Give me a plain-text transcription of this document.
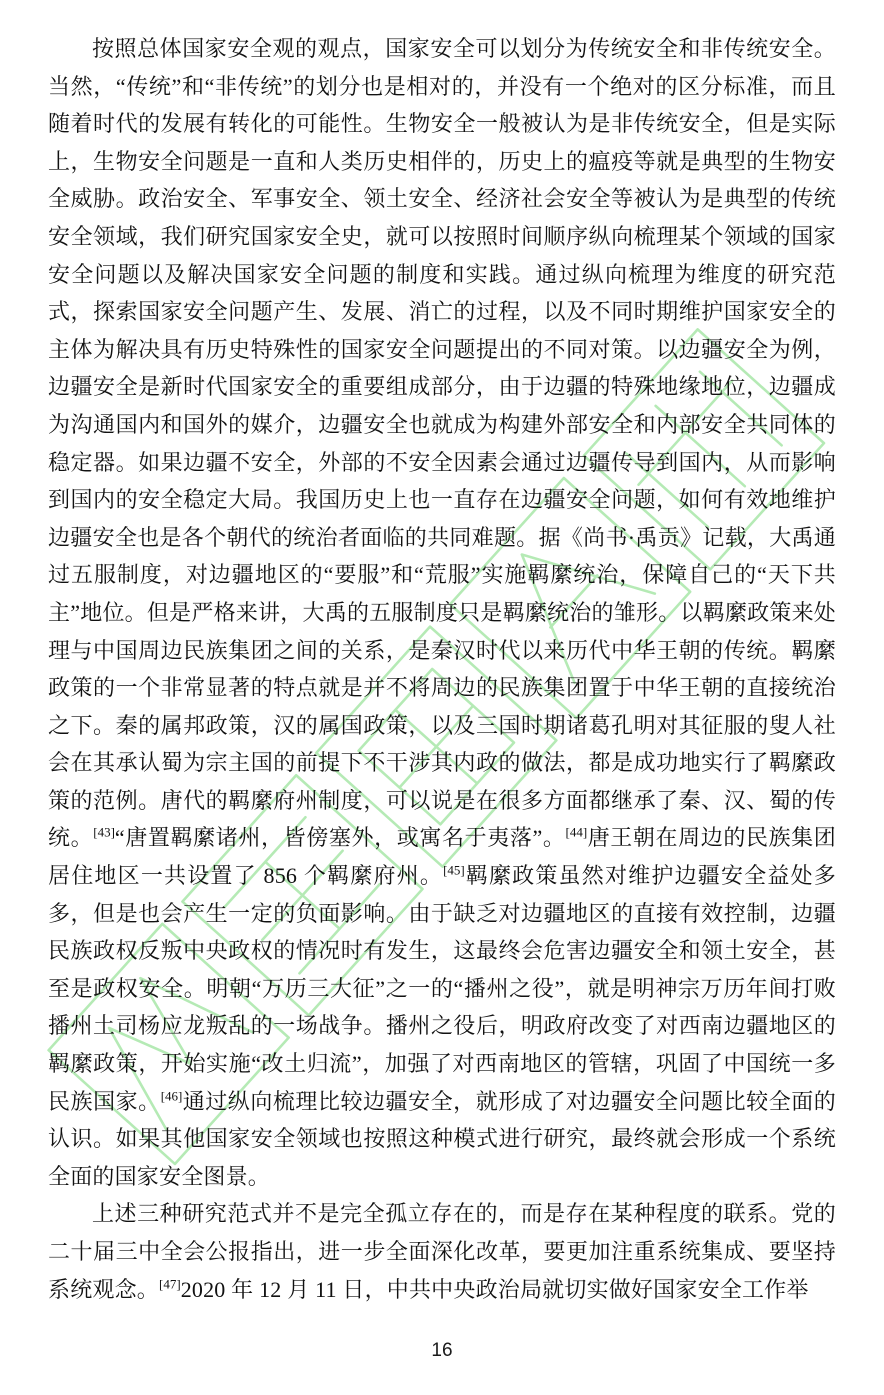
按照总体国家安全观的观点，国家安全可以划分为传统安全和非传统安全。当然，“传统”和“非传统”的划分也是相对的，并没有一个绝对的区分标准，而且随着时代的发展有转化的可能性。生物安全一般被认为是非传统安全，但是实际上，生物安全问题是一直和人类历史相伴的，历史上的瘟疫等就是典型的生物安全威胁。政治安全、军事安全、领土安全、经济社会安全等被认为是典型的传统安全领域，我们研究国家安全史，就可以按照时间顺序纵向梳理某个领域的国家安全问题以及解决国家安全问题的制度和实践。通过纵向梳理为维度的研究范式，探索国家安全问题产生、发展、消亡的过程，以及不同时期维护国家安全的主体为解决具有历史特殊性的国家安全问题提出的不同对策。以边疆安全为例，边疆安全是新时代国家安全的重要组成部分，由于边疆的特殊地缘地位，边疆成为沟通国内和国外的媒介，边疆安全也就成为构建外部安全和内部安全共同体的稳定器。如果边疆不安全，外部的不安全因素会通过边疆传导到国内，从而影响到国内的安全稳定大局。我国历史上也一直存在边疆安全问题，如何有效地维护边疆安全也是各个朝代的统治者面临的共同难题。据《尚书·禹贡》记载，大禹通过五服制度，对边疆地区的“要服”和“荒服”实施羁縻统治，保障自己的“天下共主”地位。但是严格来讲，大禹的五服制度只是羁縻统治的雏形。以羁縻政策来处理与中国周边民族集团之间的关系，是秦汉时代以来历代中华王朝的传统。羁縻政策的一个非常显著的特点就是并不将周边的民族集团置于中华王朝的直接统治之下。秦的属邦政策，汉的属国政策，以及三国时期诸葛孔明对其征服的叟人社会在其承认蜀为宗主国的前提下不干涉其内政的做法，都是成功地实行了羁縻政策的范例。唐代的羁縻府州制度，可以说是在很多方面都继承了秦、汉、蜀的传统。[43]“唐置羁縻诸州，皆傍塞外，或寓名于夷落”。[44]唐王朝在周边的民族集团居住地区一共设置了 856 个羁縻府州。[45]羁縻政策虽然对维护边疆安全益处多多，但是也会产生一定的负面影响。由于缺乏对边疆地区的直接有效控制，边疆民族政权反叛中央政权的情况时有发生，这最终会危害边疆安全和领土安全，甚至是政权安全。明朝“万历三大征”之一的“播州之役”，就是明神宗万历年间打败播州土司杨应龙叛乱的一场战争。播州之役后，明政府改变了对西南边疆地区的羁縻政策，开始实施“改土归流”，加强了对西南地区的管辖，巩固了中国统一多民族国家。[46]通过纵向梳理比较边疆安全，就形成了对边疆安全问题比较全面的认识。如果其他国家安全领域也按照这种模式进行研究，最终就会形成一个系统全面的国家安全图景。

上述三种研究范式并不是完全孤立存在的，而是存在某种程度的联系。党的二十届三中全会公报指出，进一步全面深化改革，要更加注重系统集成、要坚持系统观念。[47]2020 年 12 月 11 日，中共中央政治局就切实做好国家安全工作举

16
